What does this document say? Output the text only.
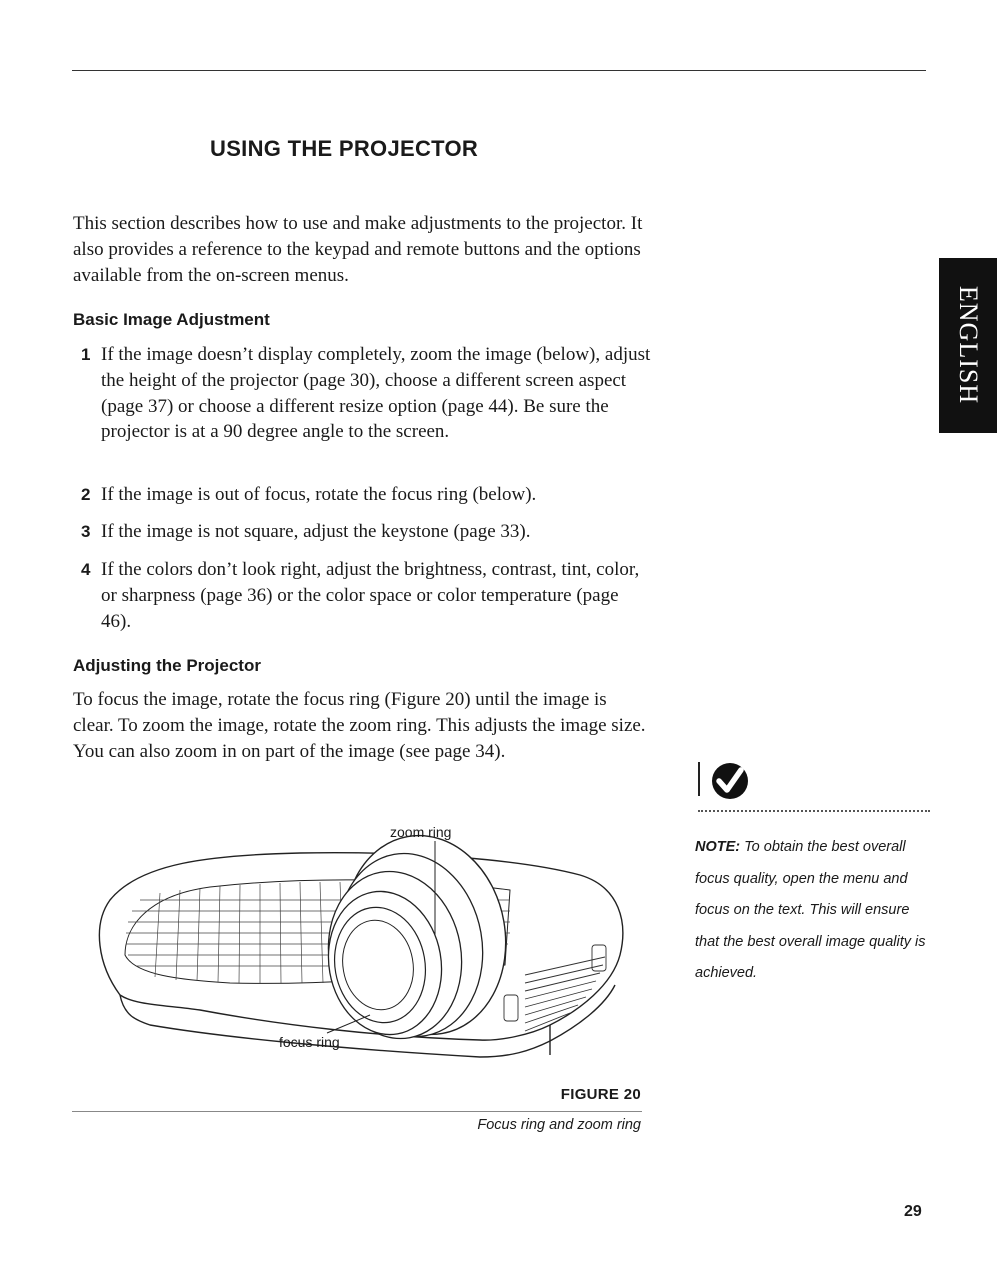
USING THE PROJECTOR

This section describes how to use and make adjustments to the projector. It also provides a reference to the keypad and remote buttons and the options available from the on-screen menus.

Basic Image Adjustment
1 If the image doesn’t display completely, zoom the image (below), adjust the height of the projector (page 30), choose a different screen aspect (page 37) or choose a different resize option (page 44). Be sure the projector is at a 90 degree angle to the screen.
2 If the image is out of focus, rotate the focus ring (below).
3 If the image is not square, adjust the keystone (page 33).
4 If the colors don’t look right, adjust the brightness, contrast, tint, color, or sharpness (page 36) or the color space or color temperature (page 46).
Adjusting the Projector

To focus the image, rotate the focus ring (Figure 20) until the image is clear. To zoom the image, rotate the zoom ring. This adjusts the image size. You can also zoom in on part of the image (see page 34).

ENGLISH
NOTE: To obtain the best overall focus quality, open the menu and focus on the text. This will ensure that the best overall image quality is achieved.
zoom ring
focus ring
FIGURE 20
Focus ring and zoom ring
29
